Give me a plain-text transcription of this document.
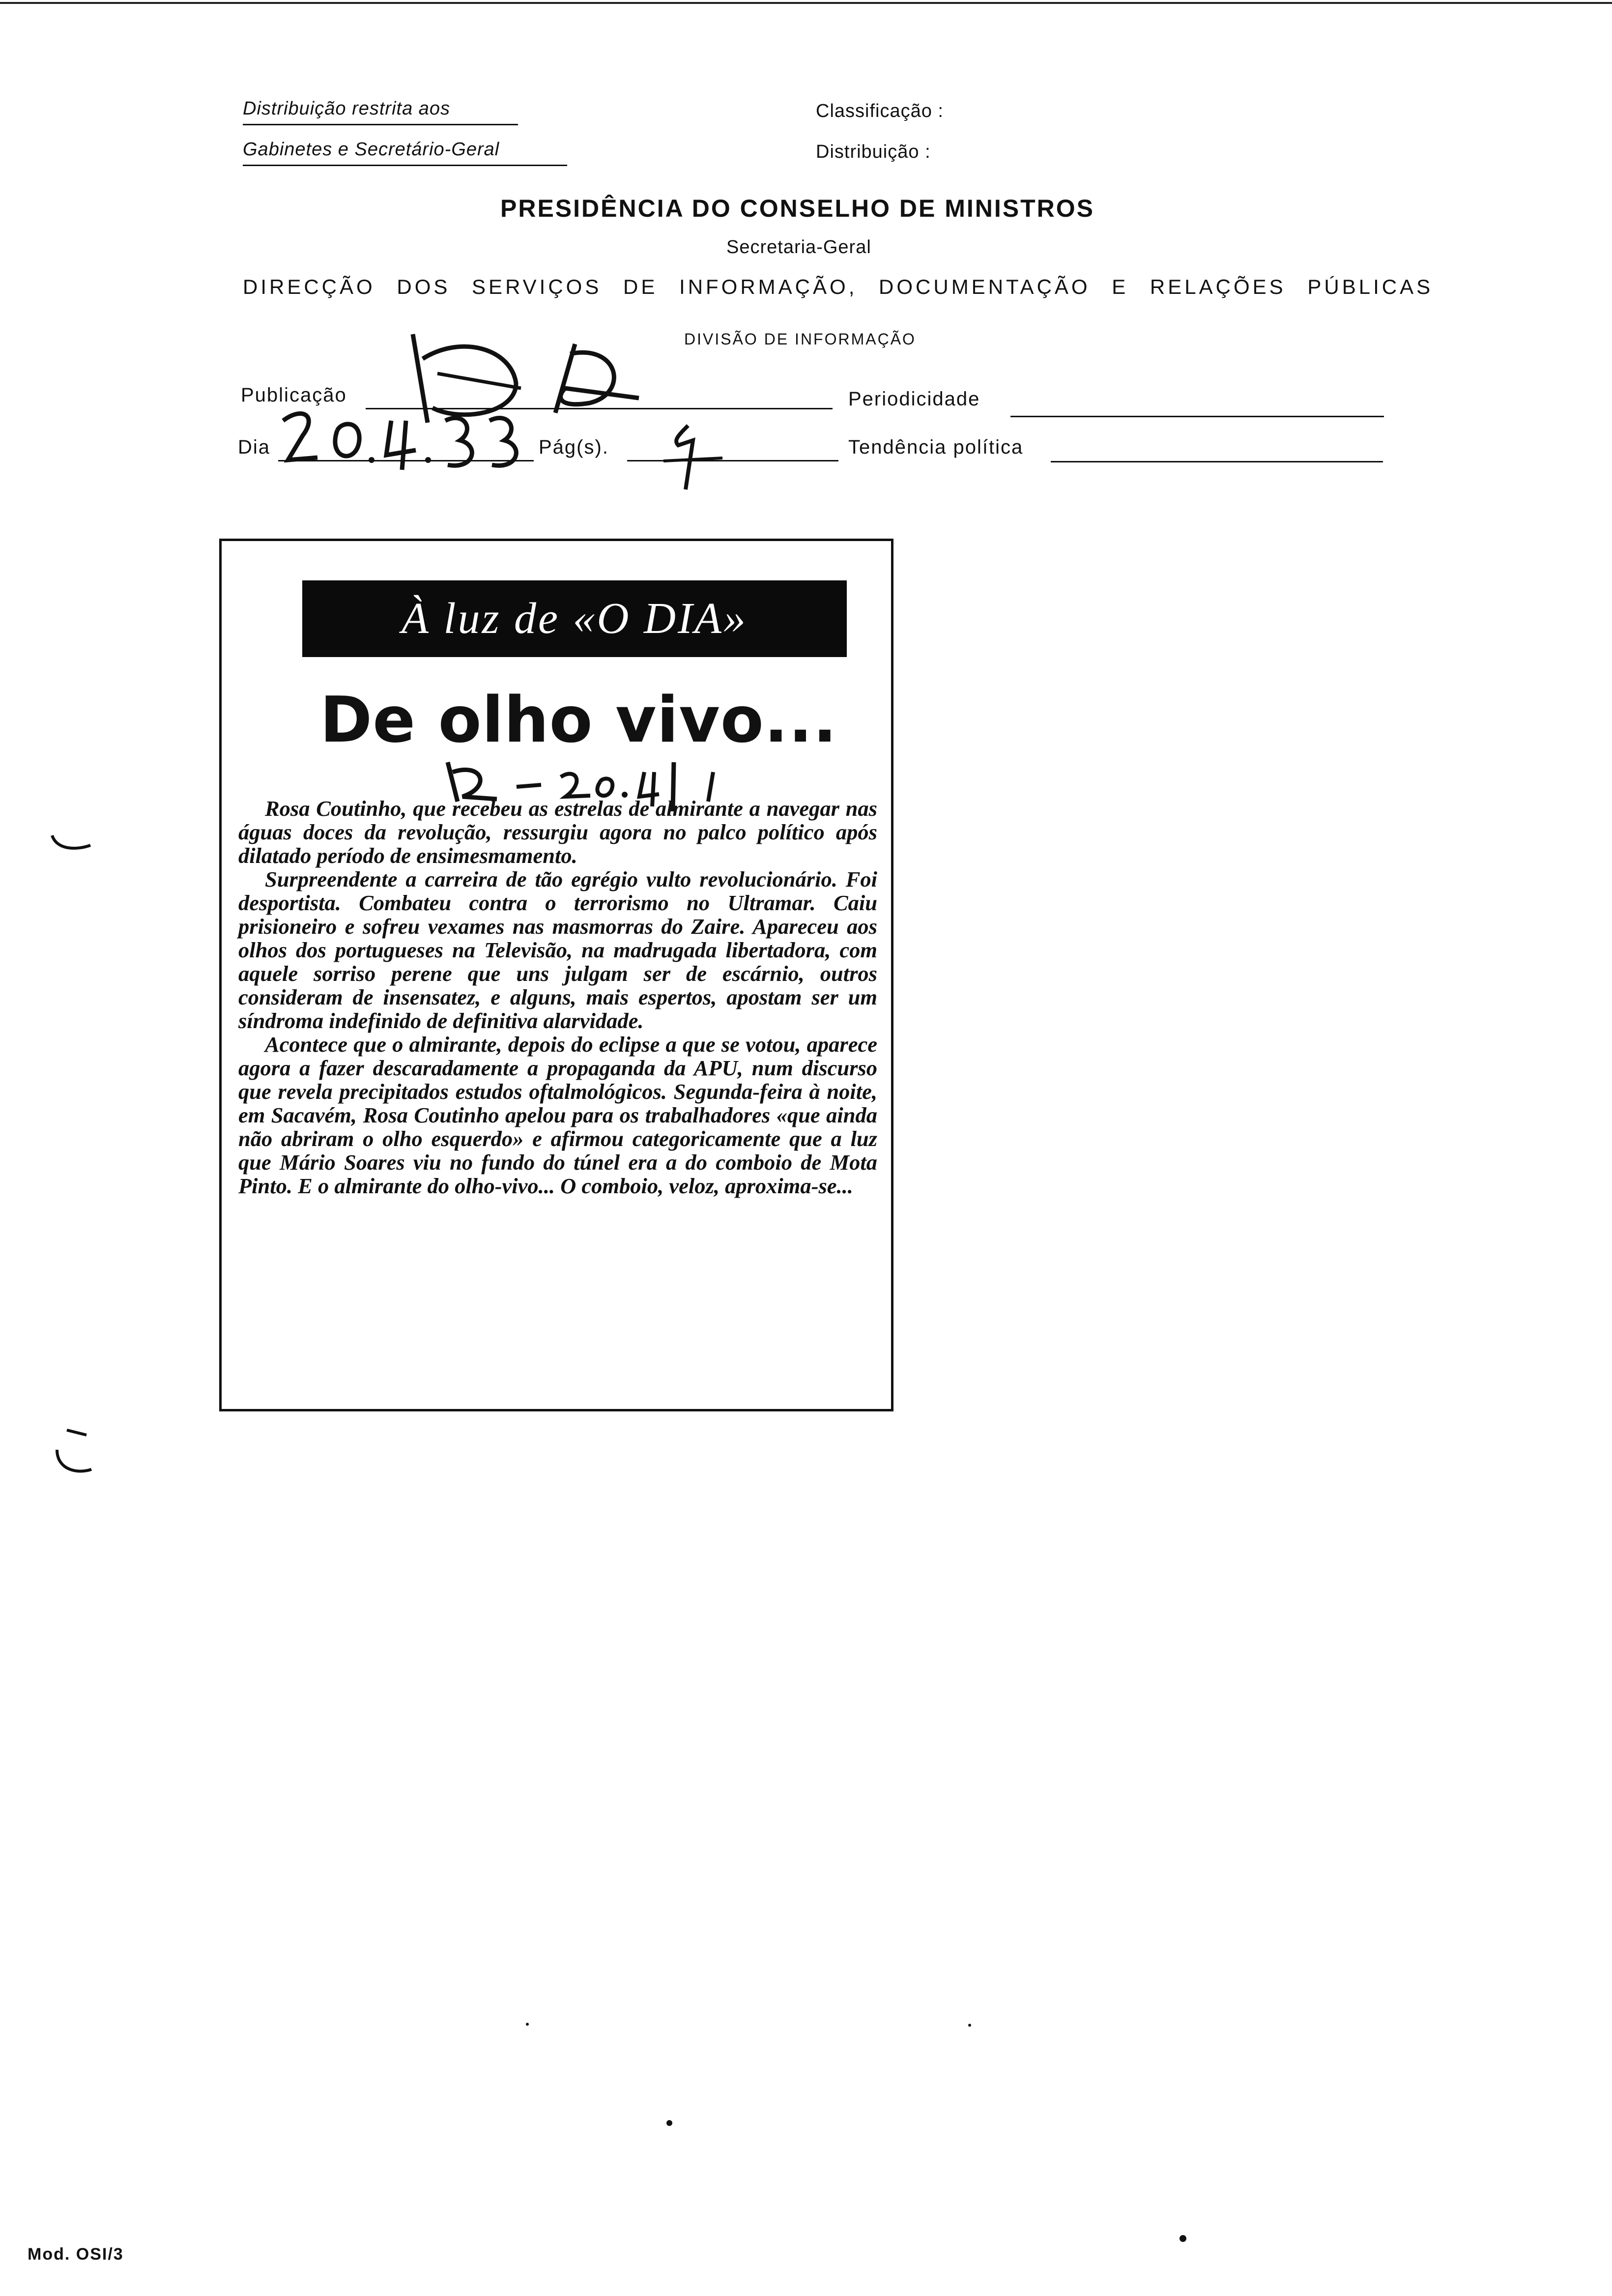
Distribuição restrita aos
Gabinetes e Secretário-Geral
Classificação :
Distribuição :
PRESIDÊNCIA DO CONSELHO DE MINISTROS
Secretaria-Geral
DIRECÇÃO DOS SERVIÇOS DE INFORMAÇÃO, DOCUMENTAÇÃO E RELAÇÕES PÚBLICAS
DIVISÃO DE INFORMAÇÃO
Publicação
Dia	Pág(s).
Periodicidade
Tendência política
À luz de «O DIA»
De olho vivo...

Rosa Coutinho, que recebeu as estrelas de almirante a navegar nas águas doces da revolução, ressurgiu agora no palco político após dilatado período de ensimesmamento.

Surpreendente a carreira de tão egrégio vulto revolucionário. Foi desportista. Combateu contra o terrorismo no Ultramar. Caiu prisioneiro e sofreu vexames nas masmorras do Zaire. Apareceu aos olhos dos portugueses na Televisão, na madrugada libertadora, com aquele sorriso perene que uns julgam ser de escárnio, outros consideram de insensatez, e alguns, mais espertos, apostam ser um síndroma indefinido de definitiva alarvidade.

Acontece que o almirante, depois do eclipse a que se votou, aparece agora a fazer descaradamente a propaganda da APU, num discurso que revela precipitados estudos oftalmológicos. Segunda-feira à noite, em Sacavém, Rosa Coutinho apelou para os trabalhadores «que ainda não abriram o olho esquerdo» e afirmou categoricamente que a luz que Mário Soares viu no fundo do túnel era a do comboio de Mota Pinto. E o almirante do olho-vivo... O comboio, veloz, aproxima-se...

Mod. OSI/3
